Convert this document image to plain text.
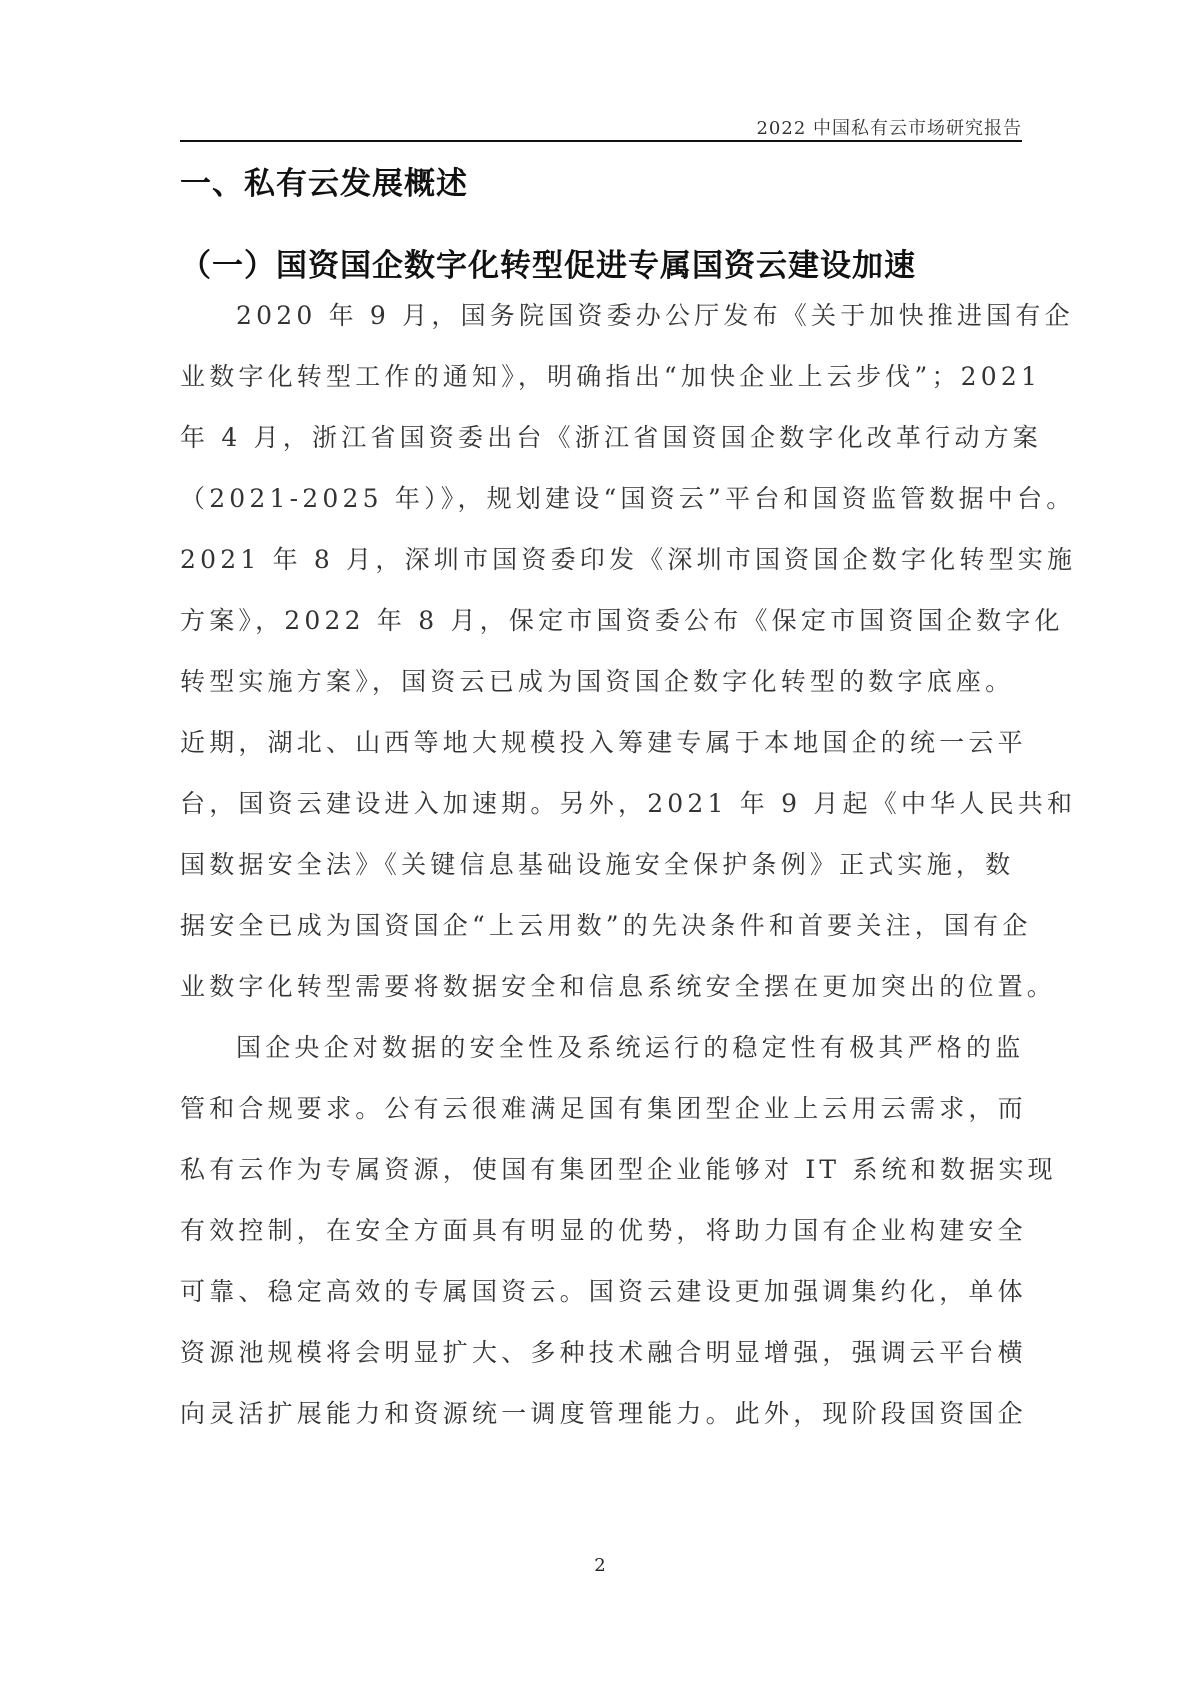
2022 中国私有云市场研究报告
一、私有云发展概述
（一）国资国企数字化转型促进专属国资云建设加速
2020 年 9 月，国务院国资委办公厅发布《关于加快推进国有企
业数字化转型工作的通知》，明确指出“加快企业上云步伐”；2021
年 4 月，浙江省国资委出台《浙江省国资国企数字化改革行动方案
（2021-2025 年）》，规划建设“国资云”平台和国资监管数据中台。
2021 年 8 月，深圳市国资委印发《深圳市国资国企数字化转型实施
方案》，2022 年 8 月，保定市国资委公布《保定市国资国企数字化
转型实施方案》，国资云已成为国资国企数字化转型的数字底座。
近期，湖北、山西等地大规模投入筹建专属于本地国企的统一云平
台，国资云建设进入加速期。另外，2021 年 9 月起《中华人民共和
国数据安全法》《关键信息基础设施安全保护条例》正式实施，数
据安全已成为国资国企“上云用数”的先决条件和首要关注，国有企
业数字化转型需要将数据安全和信息系统安全摆在更加突出的位置。
国企央企对数据的安全性及系统运行的稳定性有极其严格的监
管和合规要求。公有云很难满足国有集团型企业上云用云需求，而
私有云作为专属资源，使国有集团型企业能够对 IT 系统和数据实现
有效控制，在安全方面具有明显的优势，将助力国有企业构建安全
可靠、稳定高效的专属国资云。国资云建设更加强调集约化，单体
资源池规模将会明显扩大、多种技术融合明显增强，强调云平台横
向灵活扩展能力和资源统一调度管理能力。此外，现阶段国资国企
2
